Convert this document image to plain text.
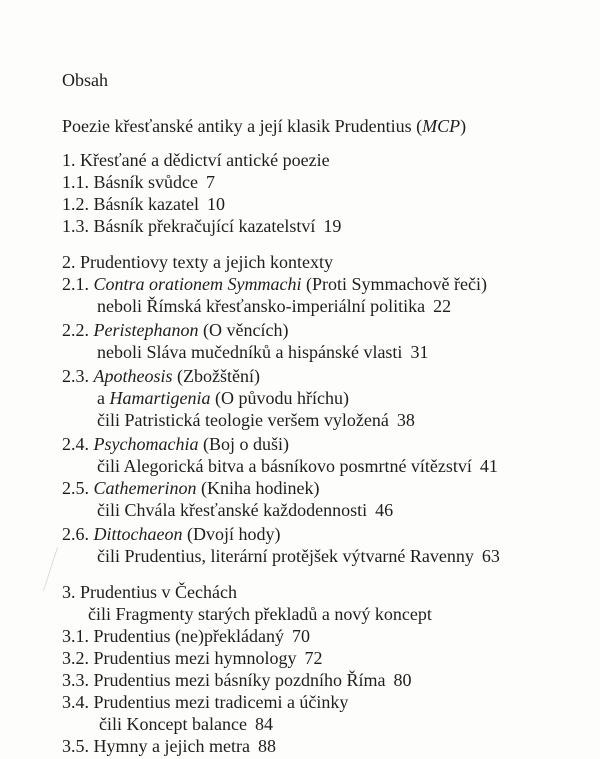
Obsah
Poezie křesťanské antiky a její klasik Prudentius (MCP)
1. Křesťané a dědictví antické poezie
1.1. Básník svůdce 7
1.2. Básník kazatel 10
1.3. Básník překračující kazatelství 19
2. Prudentiovy texty a jejich kontexty
2.1. Contra orationem Symmachi (Proti Symmachově řeči)
neboli Římská křesťansko-imperiální politika 22
2.2. Peristephanon (O věncích)
neboli Sláva mučedníků a hispánské vlasti 31
2.3. Apotheosis (Zbožštění)
a Hamartigenia (O původu hříchu)
čili Patristická teologie veršem vyložená 38
2.4. Psychomachia (Boj o duši)
čili Alegorická bitva a básníkovo posmrtné vítězství 41
2.5. Cathemerinon (Kniha hodinek)
čili Chvála křesťanské každodennosti 46
2.6. Dittochaeon (Dvojí hody)
čili Prudentius, literární protějšek výtvarné Ravenny 63
3. Prudentius v Čechách
čili Fragmenty starých překladů a nový koncept
3.1. Prudentius (ne)překládaný 70
3.2. Prudentius mezi hymnology 72
3.3. Prudentius mezi básníky pozdního Říma 80
3.4. Prudentius mezi tradicemi a účinky
čili Koncept balance 84
3.5. Hymny a jejich metra 88
